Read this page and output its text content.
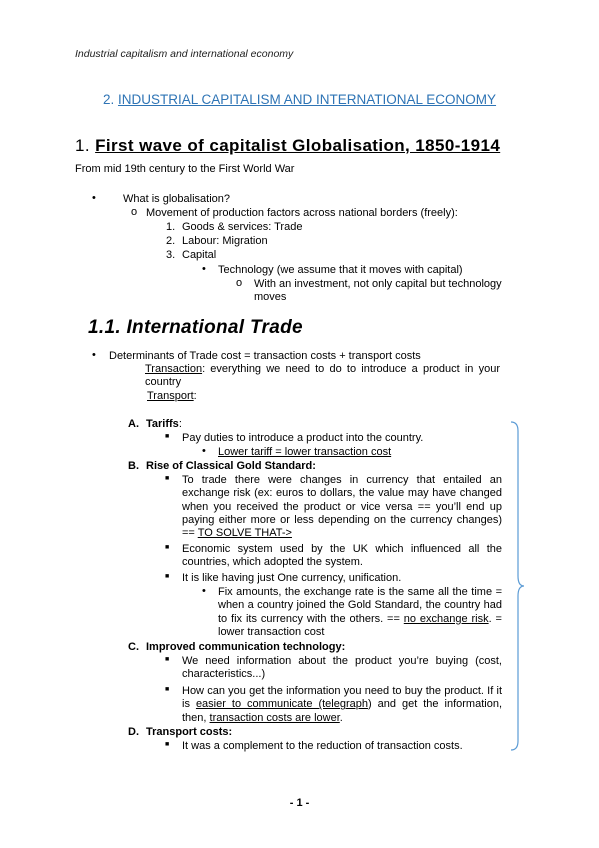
Industrial capitalism and international economy
2. INDUSTRIAL CAPITALISM AND INTERNATIONAL ECONOMY
1. First wave of capitalist Globalisation, 1850-1914
From mid 19th century to the First World War
• What is globalisation?
o Movement of production factors across national borders (freely):
1. Goods & services: Trade
2. Labour: Migration
3. Capital
• Technology (we assume that it moves with capital)
o With an investment, not only capital but technology
moves
1.1. International Trade
• Determinants of Trade cost = transaction costs + transport costs
Transaction: everything we need to do to introduce a product in your country
Transport:
A. Tariffs:
■ Pay duties to introduce a product into the country.
• Lower tariff = lower transaction cost
B. Rise of Classical Gold Standard:
■ To trade there were changes in currency that entailed an exchange risk (ex: euros to dollars, the value may have changed when you received the product or vice versa == you’ll end up paying either more or less depending on the currency changes) == TO SOLVE THAT->
■ Economic system used by the UK which influenced all the countries, which adopted the system.
■ It is like having just One currency, unification.
• Fix amounts, the exchange rate is the same all the time = when a country joined the Gold Standard, the country had to fix its currency with the others. == no exchange risk. = lower transaction cost
C. Improved communication technology:
■ We need information about the product you’re buying (cost, characteristics...)
■ How can you get the information you need to buy the product. If it is easier to communicate (telegraph) and get the information, then, transaction costs are lower.
D. Transport costs:
■ It was a complement to the reduction of transaction costs.
- 1 -
